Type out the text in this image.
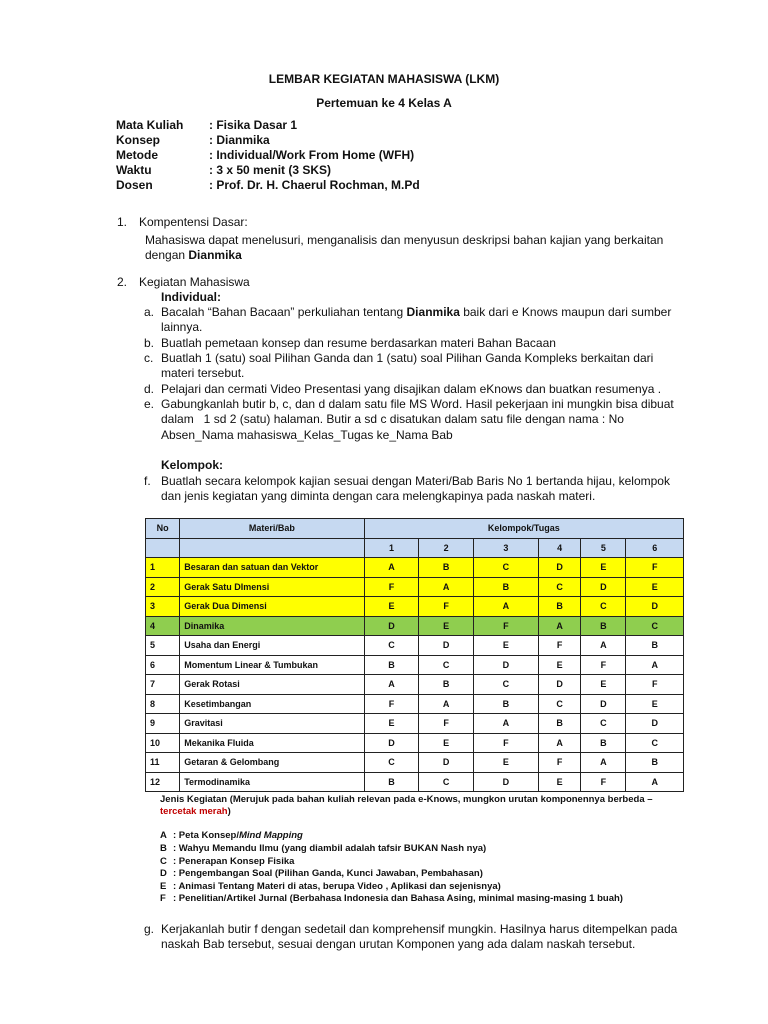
LEMBAR KEGIATAN MAHASISWA (LKM)
Pertemuan ke 4 Kelas A
Mata Kuliah : Fisika Dasar 1
Konsep	: Dianmika
Metode	: Individual/Work From Home (WFH)
Waktu	: 3 x 50 menit (3 SKS)
Dosen	: Prof. Dr. H. Chaerul Rochman, M.Pd
1. Kompentensi Dasar:
Mahasiswa dapat menelusuri, menganalisis dan menyusun deskripsi bahan kajian yang berkaitan
dengan Dianmika
2. Kegiatan Mahasiswa
Individual:
a. Bacalah “Bahan Bacaan” perkuliahan tentang Dianmika baik dari e Knows maupun dari sumber
lainnya.
b. Buatlah pemetaan konsep dan resume berdasarkan materi Bahan Bacaan
c. Buatlah 1 (satu) soal Pilihan Ganda dan 1 (satu) soal Pilihan Ganda Kompleks berkaitan dari
materi tersebut.
d. Pelajari dan cermati Video Presentasi yang disajikan dalam eKnows dan buatkan resumenya .
e. Gabungkanlah butir b, c, dan d dalam satu file MS Word. Hasil pekerjaan ini mungkin bisa dibuat
dalam   1 sd 2 (satu) halaman. Butir a sd c disatukan dalam satu file dengan nama : No
Absen_Nama mahasiswa_Kelas_Tugas ke_Nama Bab
Kelompok:
f. Buatlah secara kelompok kajian sesuai dengan Materi/Bab Baris No 1 bertanda hijau, kelompok
dan jenis kegiatan yang diminta dengan cara melengkapinya pada naskah materi.
No	Materi/Bab	Kelompok/Tugas					
		1	2	3	4	5	6
1	Besaran dan satuan dan Vektor	A	B	C	D	E	F
2	Gerak Satu DImensi	F	A	B	C	D	E
3	Gerak Dua Dimensi	E	F	A	B	C	D
4	Dinamika	D	E	F	A	B	C
5	Usaha dan Energi	C	D	E	F	A	B
6	Momentum Linear & Tumbukan	B	C	D	E	F	A
7	Gerak Rotasi	A	B	C	D	E	F
8	Kesetimbangan	F	A	B	C	D	E
9	Gravitasi	E	F	A	B	C	D
10	Mekanika Fluida	D	E	F	A	B	C
11	Getaran & Gelombang	C	D	E	F	A	B
12	Termodinamika	B	C	D	E	F	A
Jenis Kegiatan (Merujuk pada bahan kuliah relevan pada e-Knows, mungkon urutan komponennya berbeda –
tercetak merah)
A : Peta Konsep/Mind Mapping
B : Wahyu Memandu Ilmu (yang diambil adalah tafsir BUKAN Nash nya)
C : Penerapan Konsep Fisika
D : Pengembangan Soal (Pilihan Ganda, Kunci Jawaban, Pembahasan)
E : Animasi Tentang Materi di atas, berupa Video , Aplikasi dan sejenisnya)
F : Penelitian/Artikel Jurnal (Berbahasa Indonesia dan Bahasa Asing, minimal masing-masing 1 buah)
g. Kerjakanlah butir f dengan sedetail dan komprehensif mungkin. Hasilnya harus ditempelkan pada
naskah Bab tersebut, sesuai dengan urutan Komponen yang ada dalam naskah tersebut.
